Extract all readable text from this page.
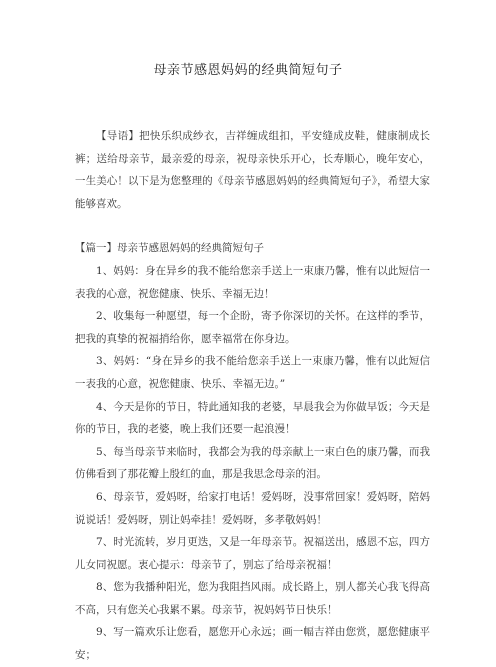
母亲节感恩妈妈的经典简短句子

【导语】把快乐织成纱衣，吉祥缠成组扣，平安缝成皮鞋，健康制成长裤；送给母亲节，最亲爱的母亲，祝母亲快乐开心，长寿顺心，晚年安心，一生美心！以下是为您整理的《母亲节感恩妈妈的经典简短句子》，希望大家能够喜欢。

【篇一】母亲节感恩妈妈的经典简短句子

1、妈妈：身在异乡的我不能给您亲手送上一束康乃馨，惟有以此短信一表我的心意，祝您健康、快乐、幸福无边！

2、收集每一种愿望，每一个企盼，寄予你深切的关怀。在这样的季节，把我的真挚的祝福捎给你，愿幸福常在你身边。

3、妈妈：“身在异乡的我不能给您亲手送上一束康乃馨，惟有以此短信一表我的心意，祝您健康、快乐、幸福无边。”

4、今天是你的节日，特此通知我的老婆，早晨我会为你做早饭；今天是你的节日，我的老婆，晚上我们还要一起浪漫！

5、每当母亲节来临时，我都会为我的母亲献上一束白色的康乃馨，而我仿佛看到了那花瓣上殷红的血，那是我思念母亲的泪。

6、母亲节，爱妈呀，给家打电话！爱妈呀，没事常回家！爱妈呀，陪妈说说话！爱妈呀，别让妈牵挂！爱妈呀，多孝敬妈妈！

7、时光流转，岁月更迭，又是一年母亲节。祝福送出，感恩不忘，四方儿女同祝愿。衷心提示：母亲节了，别忘了给母亲祝福！

8、您为我播种阳光，您为我阻挡风雨。成长路上，别人都关心我飞得高不高，只有您关心我累不累。母亲节，祝妈妈节日快乐！

9、写一篇欢乐让您看，愿您开心永远；画一幅吉祥由您赏，愿您健康平安；
